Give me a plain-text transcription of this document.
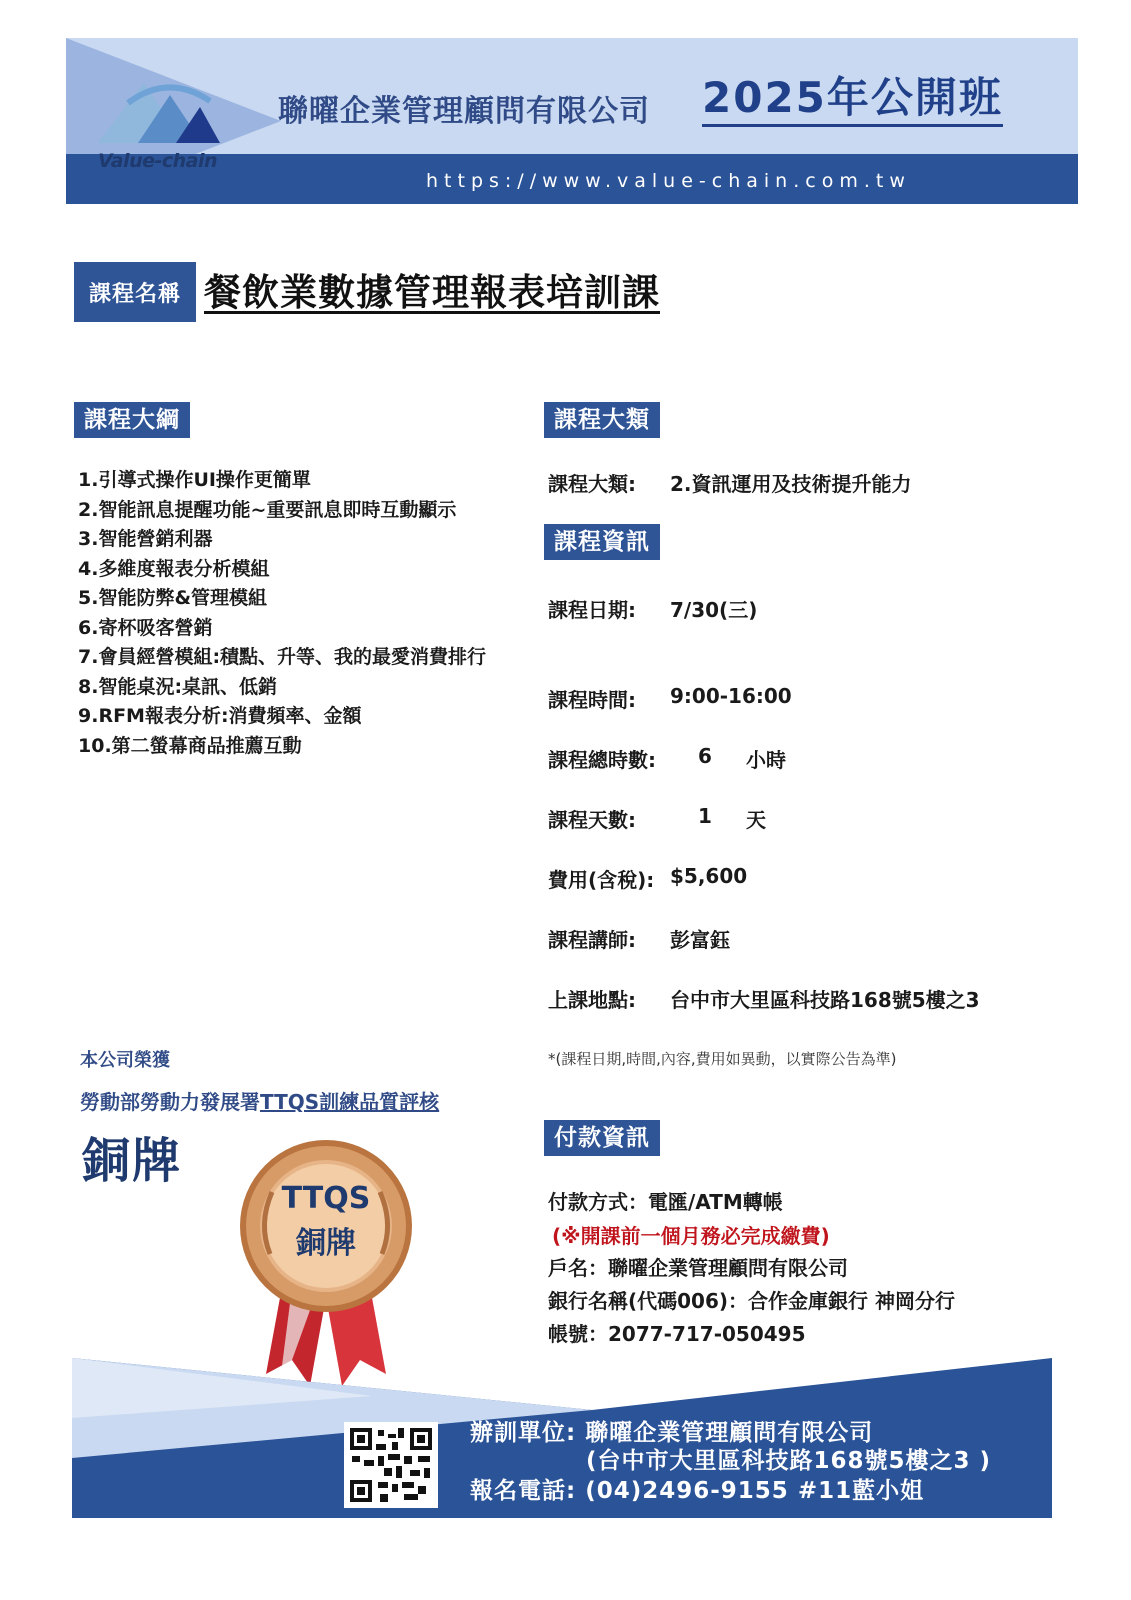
Value-chain
聯曜企業管理顧問有限公司 2025年公開班
https://www.value-chain.com.tw
課程名稱 餐飲業數據管理報表培訓課
課程大綱
1.引導式操作UI操作更簡單
2.智能訊息提醒功能~重要訊息即時互動顯示
3.智能營銷利器
4.多維度報表分析模組
5.智能防弊&管理模組
6.寄杯吸客營銷
7.會員經營模組:積點、升等、我的最愛消費排行
8.智能桌況:桌訊、低銷
9.RFM報表分析:消費頻率、金額
10.第二螢幕商品推薦互動
課程大類
課程大類: 2.資訊運用及技術提升能力
課程資訊
課程日期: 7/30(三)
課程時間: 9:00-16:00
課程總時數: 6 小時
課程天數:	1 天
費用(含稅): $5,600
課程講師: 彭富鈺
上課地點: 台中市大里區科技路168號5樓之3
*(課程日期,時間,內容,費用如異動，以實際公告為準)
付款資訊
付款方式：電匯/ATM轉帳
(※開課前一個月務必完成繳費)
戶名：聯曜企業管理顧問有限公司
銀行名稱(代碼006)：合作金庫銀行 神岡分行
帳號：2077-717-050495
本公司榮獲
勞動部勞動力發展署TTQS訓練品質評核
銅牌
TTQS
銅牌
辦訓單位: 聯曜企業管理顧問有限公司
(台中市大里區科技路168號5樓之3 )
報名電話: (04)2496-9155 #11藍小姐
